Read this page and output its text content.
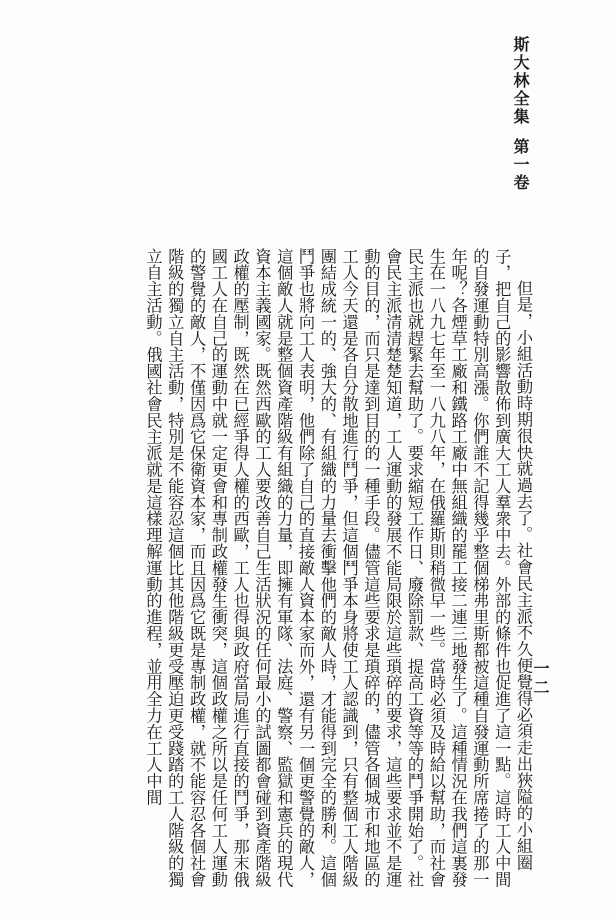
斯大林全集第一卷
一二

但是，小組活動時期很快就過去了。社會民主派不久便覺得必須走出狹隘的小組圈子，把自己的影響散佈到廣大工人羣衆中去。外部的條件也促進了這一點。這時工人中間的自發運動特別高漲。你們誰不記得幾乎整個梯弗里斯都被這種自發運動所席捲了的那一年呢？各煙草工廠和鐵路工廠中無組織的罷工接二連三地發生了。這種情況在我們這裏發生在一八九七年至一八九八年，在俄羅斯則稍微早一些。當時必須及時給以幫助，而社會民主派也就趕緊去幫助了。要求縮短工作日、廢除罰款、提高工資等等的鬥爭開始了。社會民主派清清楚楚知道，工人運動的發展不能局限於這些瑣碎的要求，這些要求並不是運動的目的，而只是達到目的的一種手段。儘管這些要求是瑣碎的，儘管各個城市和地區的工人今天還是各自分散地進行鬥爭，但這個鬥爭本身將使工人認識到，只有整個工人階級團結成統一的、強大的、有組織的力量去衝擊他們的敵人時，才能得到完全的勝利。這個鬥爭也將向工人表明，他們除了自己的直接敵人資本家而外，還有另一個更警覺的敵人，這個敵人就是整個資產階級有組織的力量，即擁有軍隊、法庭、警察、監獄和憲兵的現代資本主義國家。既然西歐的工人要改善自己生活狀況的任何最小的試圖都會碰到資產階級政權的壓制，既然在已經爭得人權的西歐，工人也得與政府當局進行直接的鬥爭，那末俄國工人在自己的運動中就一定更會和專制政權發生衝突，這個政權之所以是任何工人運動的警覺的敵人，不僅因爲它保衛資本家，而且因爲它既是專制政權，就不能容忍各個社會階級的獨立自主活動，特別是不能容忍這個比其他階級更受壓迫更受踐踏的工人階級的獨立自主活動。俄國社會民主派就是這樣理解運動的進程，並用全力在工人中間
